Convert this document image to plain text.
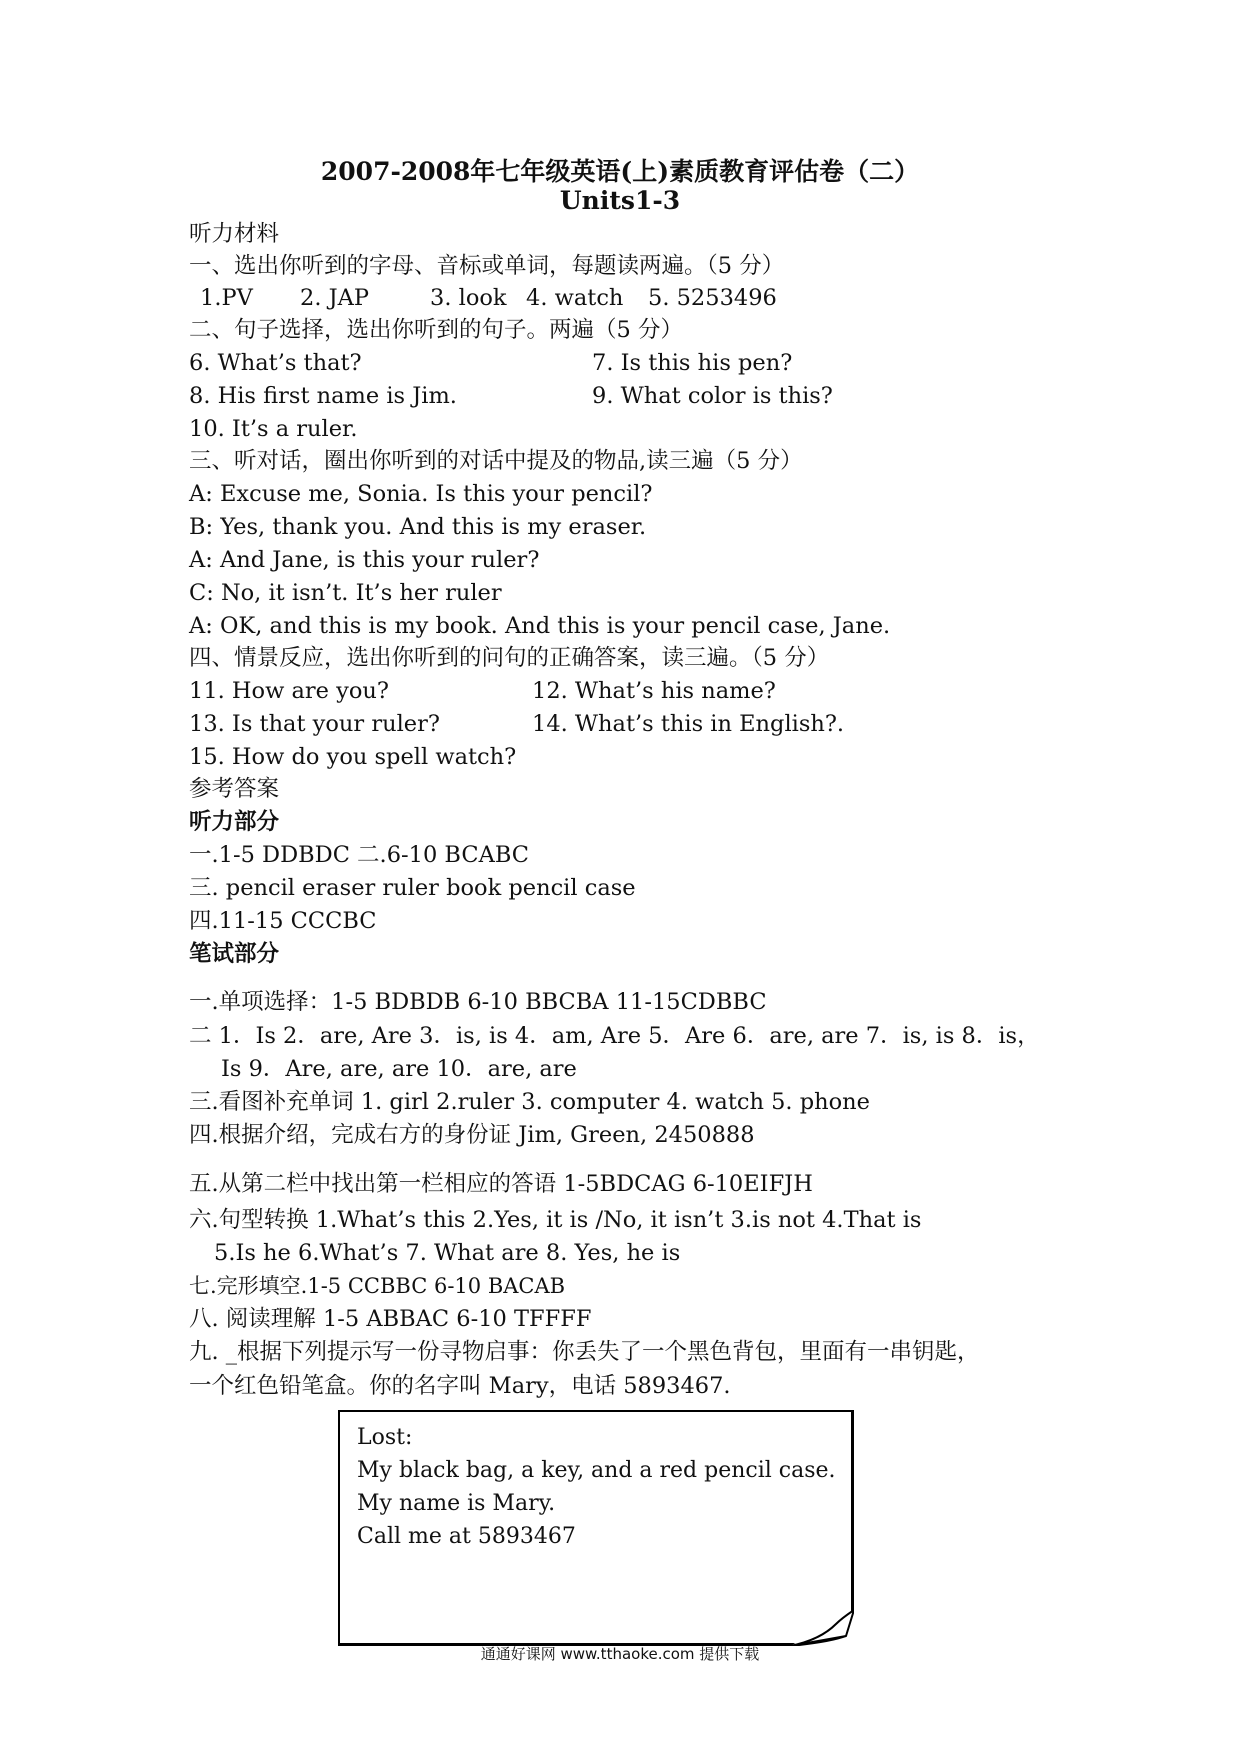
2007-2008年七年级英语(上)素质教育评估卷（二）
Units1-3
听力材料
一、选出你听到的字母、音标或单词，每题读两遍。（5 分）
1.PV 2. JAP	3. look 4. watch 5. 5253496
二、句子选择，选出你听到的句子。两遍（5 分）
6. What’s that?	7. Is this his pen?
8. His first name is Jim.	9. What color is this?
10. It’s a ruler.
三、听对话，圈出你听到的对话中提及的物品,读三遍（5 分）
A: Excuse me, Sonia. Is this your pencil?
B: Yes, thank you. And this is my eraser.
A: And Jane, is this your ruler?
C: No, it isn’t. It’s her ruler
A: OK, and this is my book. And this is your pencil case, Jane.
四、情景反应，选出你听到的问句的正确答案，读三遍。（5 分）
11. How are you?	12. What’s his name?
13. Is that your ruler?	14. What’s this in English?.
15. How do you spell watch?
参考答案
听力部分
一.1-5 DDBDC 二.6-10 BCABC
三. pencil eraser ruler book pencil case
四.11-15 CCCBC
笔试部分
一.单项选择：1-5 BDBDB 6-10 BBCBA 11-15CDBBC
二 1．Is 2．are, Are 3．is, is 4．am, Are 5．Are 6．are, are 7．is, is 8．is，
Is 9．Are, are, are 10．are, are
三.看图补充单词 1. girl 2.ruler 3. computer 4. watch 5. phone
四.根据介绍，完成右方的身份证 Jim, Green, 2450888
五.从第二栏中找出第一栏相应的答语 1-5BDCAG 6-10EIFJH
六.句型转换 1.What’s this 2.Yes, it is /No, it isn’t 3.is not 4.That is
5.Is he 6.What’s 7. What are 8. Yes, he is
七.完形填空.1-5 CCBBC 6-10 BACAB
八. 阅读理解 1-5 ABBAC 6-10 TFFFF
九. _根据下列提示写一份寻物启事：你丢失了一个黑色背包，里面有一串钥匙，
一个红色铅笔盒。你的名字叫 Mary，电话 5893467.
Lost:
My black bag, a key, and a red pencil case.
My name is Mary.
Call me at 5893467
通通好课网 www.tthaoke.com 提供下载
